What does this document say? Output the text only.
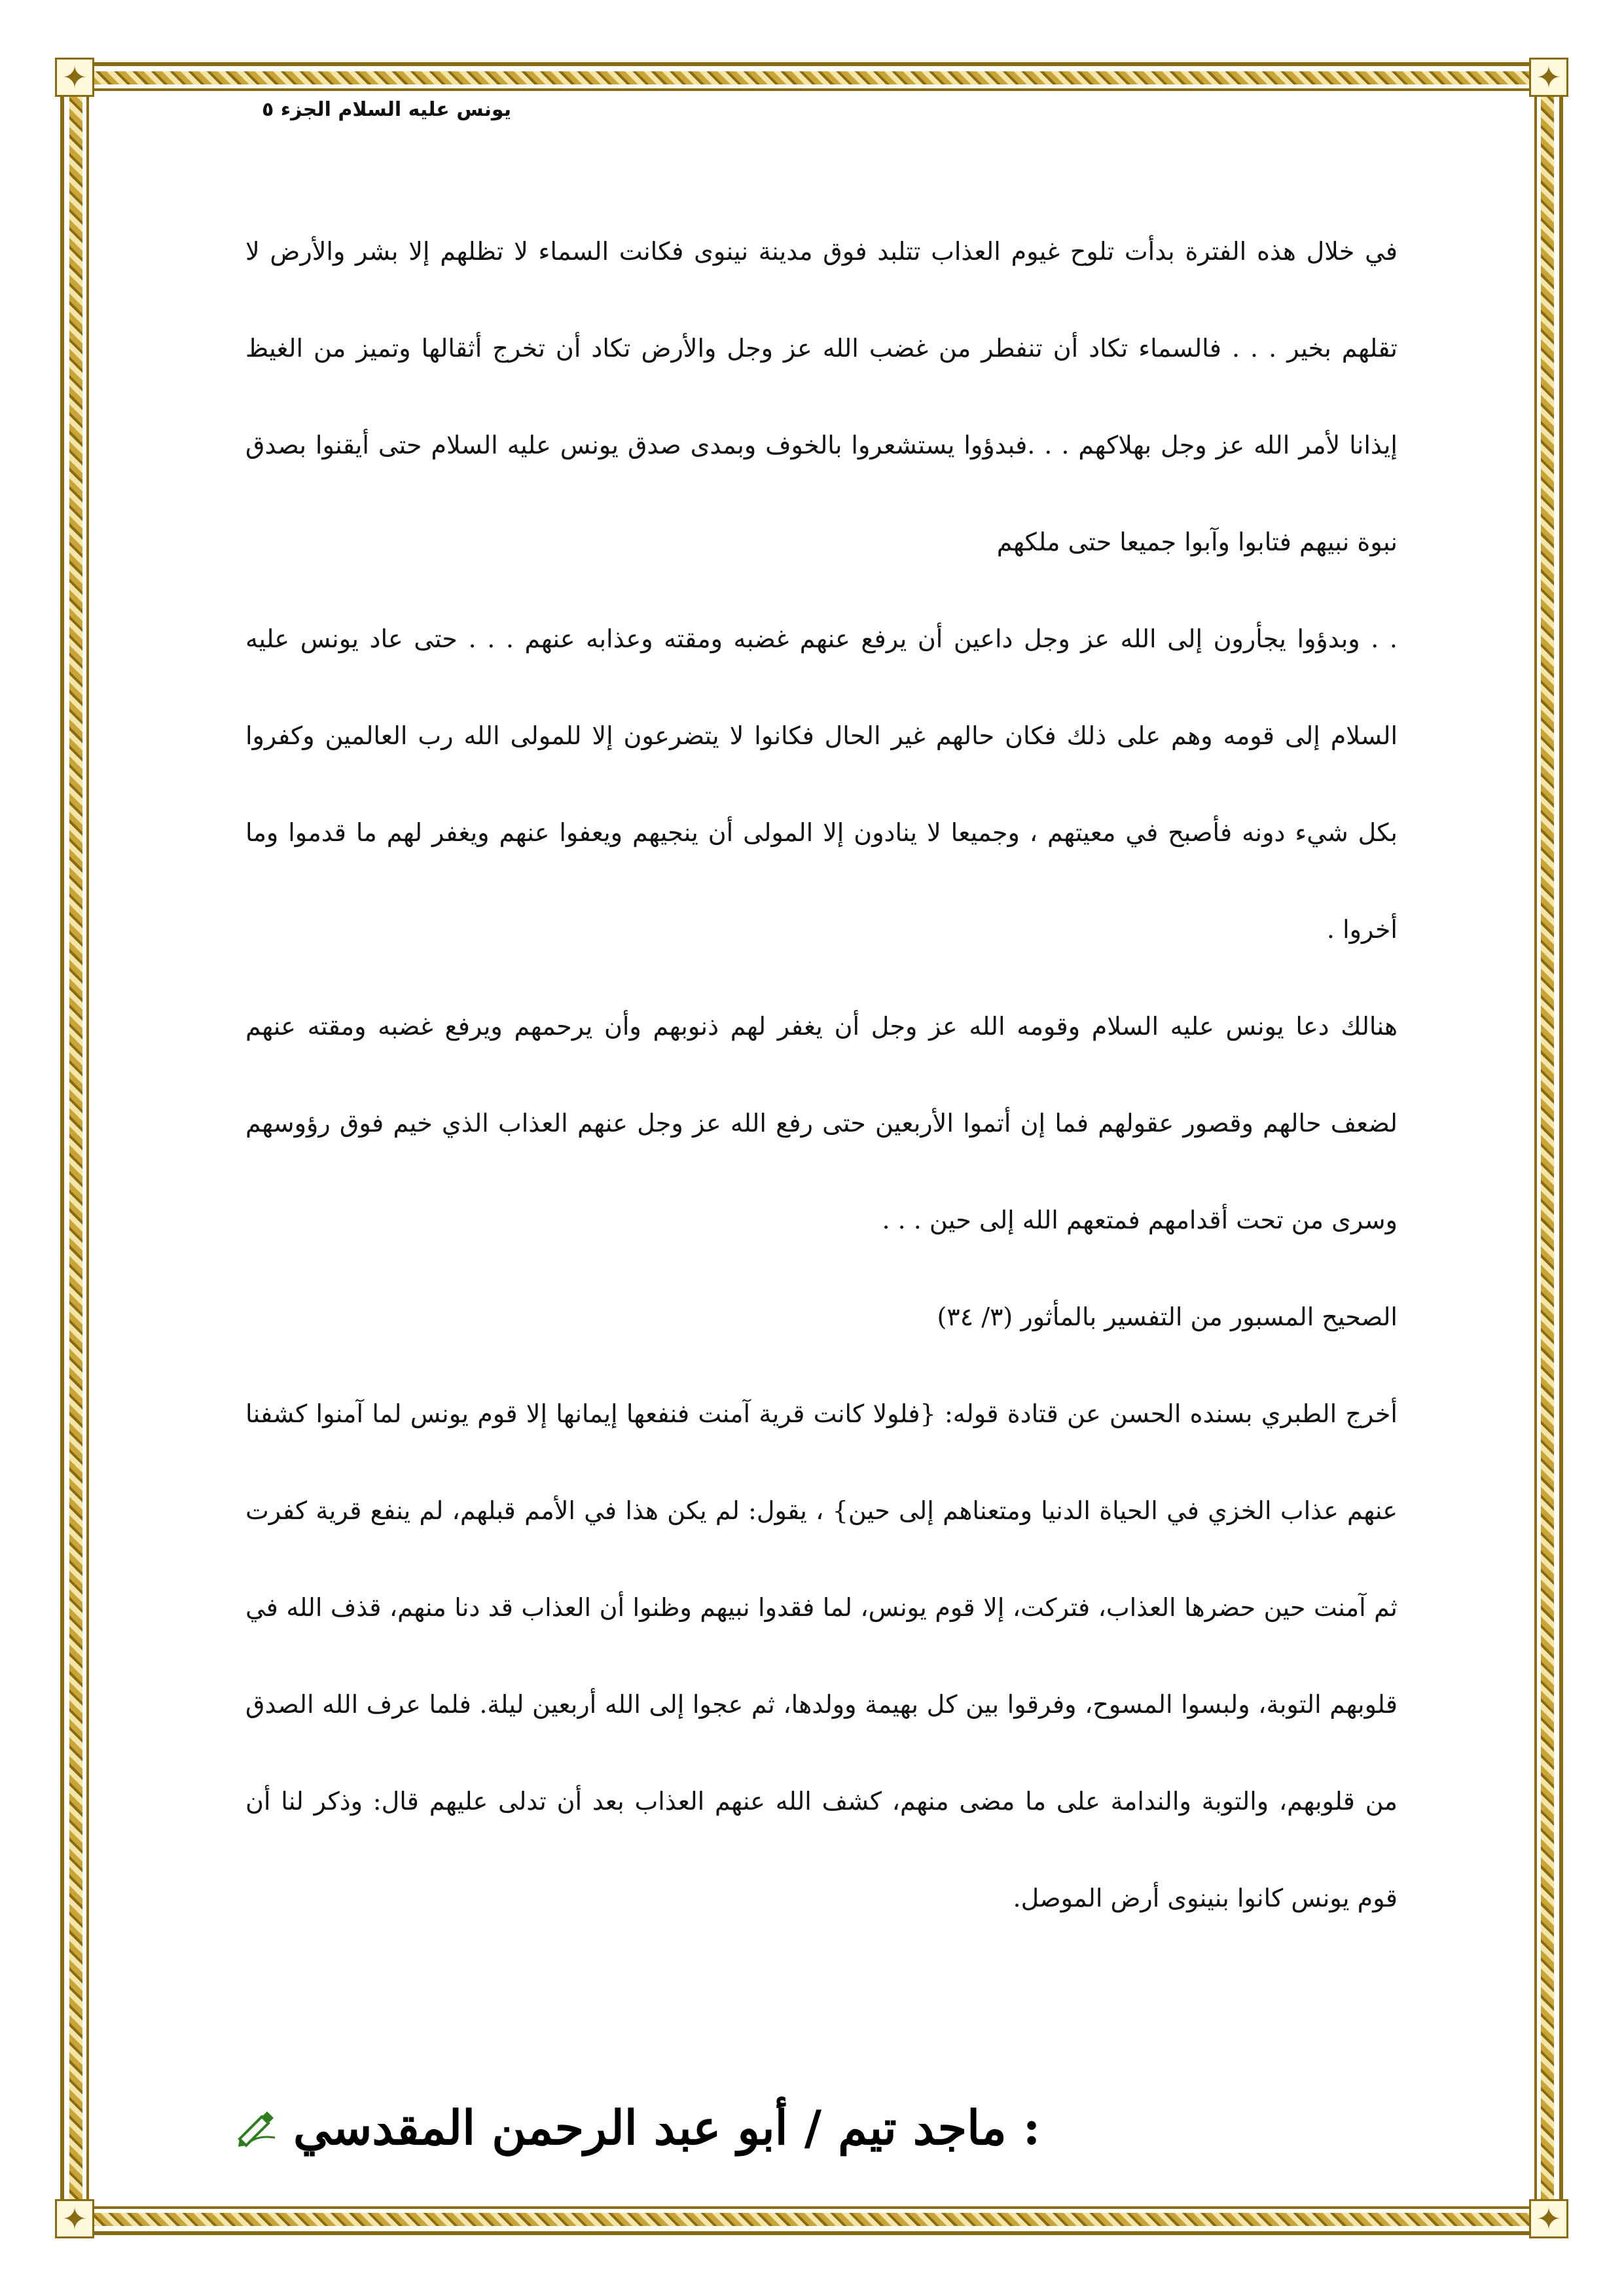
✦	✦
✦	✦
يونس عليه السلام الجزء ٥

في خلال هذه الفترة بدأت تلوح غيوم العذاب تتلبد فوق مدينة نينوى فكانت السماء لا تظلهم إلا بشر والأرض لا تقلهم بخير . . . فالسماء تكاد أن تنفطر من غضب الله عز وجل والأرض تكاد أن تخرج أثقالها وتميز من الغيظ إيذانا لأمر الله عز وجل بهلاكهم . . .فبدؤوا يستشعروا بالخوف وبمدى صدق يونس عليه السلام حتى أيقنوا بصدق نبوة نبيهم فتابوا وآبوا جميعا حتى ملكهم

. . وبدؤوا يجأرون إلى الله عز وجل داعين أن يرفع عنهم غضبه ومقته وعذابه عنهم . . . حتى عاد يونس عليه السلام إلى قومه وهم على ذلك فكان حالهم غير الحال فكانوا لا يتضرعون إلا للمولى الله رب العالمين وكفروا بكل شيء دونه فأصبح في معيتهم ، وجميعا لا ينادون إلا المولى أن ينجيهم ويعفوا عنهم ويغفر لهم ما قدموا وما أخروا .

هنالك دعا يونس عليه السلام وقومه الله عز وجل أن يغفر لهم ذنوبهم وأن يرحمهم ويرفع غضبه ومقته عنهم لضعف حالهم وقصور عقولهم فما إن أتموا الأربعين حتى رفع الله عز وجل عنهم العذاب الذي خيم فوق رؤوسهم وسرى من تحت أقدامهم فمتعهم الله إلى حين . . .

الصحيح المسبور من التفسير بالمأثور (٣/ ٣٤)

أخرج الطبري بسنده الحسن عن قتادة قوله: {فلولا كانت قرية آمنت فنفعها إيمانها إلا قوم يونس لما آمنوا كشفنا عنهم عذاب الخزي في الحياة الدنيا ومتعناهم إلى حين} ، يقول: لم يكن هذا في الأمم قبلهم، لم ينفع قرية كفرت ثم آمنت حين حضرها العذاب، فتركت، إلا قوم يونس، لما فقدوا نبيهم وظنوا أن العذاب قد دنا منهم، قذف الله في قلوبهم التوبة، ولبسوا المسوح، وفرقوا بين كل بهيمة وولدها، ثم عجوا إلى الله أربعين ليلة. فلما عرف الله الصدق من قلوبهم، والتوبة والندامة على ما مضى منهم، كشف الله عنهم العذاب بعد أن تدلى عليهم قال: وذكر لنا أن قوم يونس كانوا بنينوى أرض الموصل.

: ماجد تيم / أبو عبد الرحمن المقدسي
